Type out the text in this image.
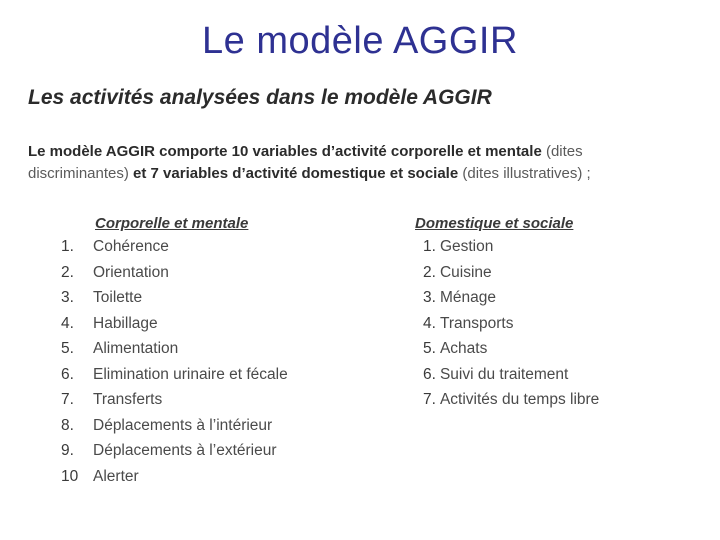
Le modèle AGGIR
Les activités analysées dans le modèle AGGIR
Le modèle AGGIR comporte 10 variables d’activité corporelle et mentale (dites discriminantes) et 7 variables d’activité domestique et sociale (dites illustratives) ;
Corporelle et mentale	Domestique et sociale
1. Cohérence
2. Orientation
3. Toilette
4. Habillage
5. Alimentation
6. Elimination urinaire et fécale
7. Transferts
8. Déplacements à l’intérieur
9. Déplacements à l’extérieur
10 Alerter
1. Gestion
2. Cuisine
3. Ménage
4. Transports
5. Achats
6. Suivi du traitement
7. Activités du temps libre
